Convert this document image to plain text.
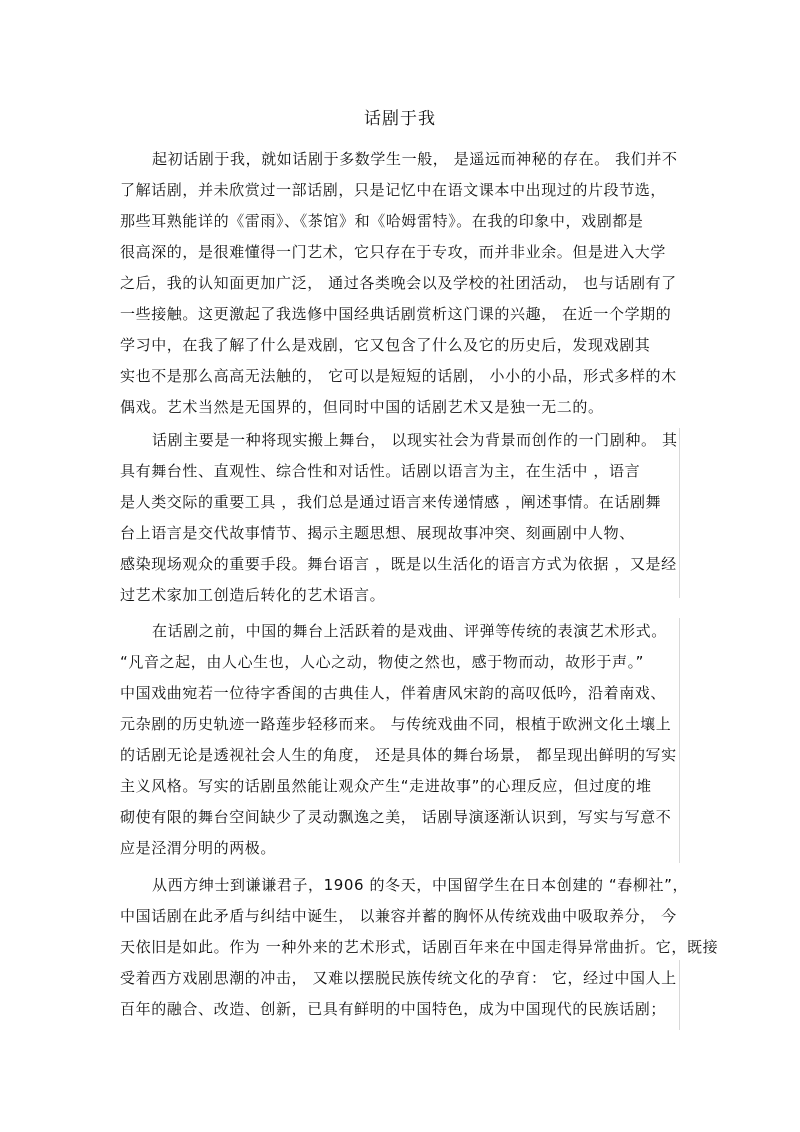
话剧于我
起初话剧于我，就如话剧于多数学生一般， 是遥远而神秘的存在。 我们并不
了解话剧，并未欣赏过一部话剧，只是记忆中在语文课本中出现过的片段节选，
那些耳熟能详的《雷雨》、《茶馆》和《哈姆雷特》。在我的印象中，戏剧都是
很高深的，是很难懂得一门艺术，它只存在于专攻，而并非业余。但是进入大学
之后，我的认知面更加广泛， 通过各类晚会以及学校的社团活动， 也与话剧有了
一些接触。这更激起了我选修中国经典话剧赏析这门课的兴趣， 在近一个学期的
学习中，在我了解了什么是戏剧，它又包含了什么及它的历史后，发现戏剧其
实也不是那么高高无法触的， 它可以是短短的话剧， 小小的小品，形式多样的木
偶戏。艺术当然是无国界的，但同时中国的话剧艺术又是独一无二的。
话剧主要是一种将现实搬上舞台， 以现实社会为背景而创作的一门剧种。 其
具有舞台性、直观性、综合性和对话性。话剧以语言为主，在生活中 ，语言
是人类交际的重要工具 ，我们总是通过语言来传递情感 ，阐述事情。在话剧舞
台上语言是交代故事情节、揭示主题思想、展现故事冲突、刻画剧中人物、
感染现场观众的重要手段。舞台语言 ，既是以生活化的语言方式为依据 ，又是经
过艺术家加工创造后转化的艺术语言。
在话剧之前，中国的舞台上活跃着的是戏曲、评弹等传统的表演艺术形式。
“凡音之起，由人心生也，人心之动，物使之然也，感于物而动，故形于声。”
中国戏曲宛若一位待字香闺的古典佳人，伴着唐风宋韵的高叹低吟，沿着南戏、
元杂剧的历史轨迹一路莲步轻移而来。 与传统戏曲不同，根植于欧洲文化土壤上
的话剧无论是透视社会人生的角度， 还是具体的舞台场景， 都呈现出鲜明的写实
主义风格。写实的话剧虽然能让观众产生“走进故事”的心理反应，但过度的堆
砌使有限的舞台空间缺少了灵动飘逸之美， 话剧导演逐渐认识到，写实与写意不
应是泾渭分明的两极。
从西方绅士到谦谦君子，1906 的冬天，中国留学生在日本创建的 “春柳社”，
中国话剧在此矛盾与纠结中诞生， 以兼容并蓄的胸怀从传统戏曲中吸取养分， 今
天依旧是如此。作为 一种外来的艺术形式，话剧百年来在中国走得异常曲折。它，既接
受着西方戏剧思潮的冲击， 又难以摆脱民族传统文化的孕育： 它，经过中国人上
百年的融合、改造、创新，已具有鲜明的中国特色，成为中国现代的民族话剧；
